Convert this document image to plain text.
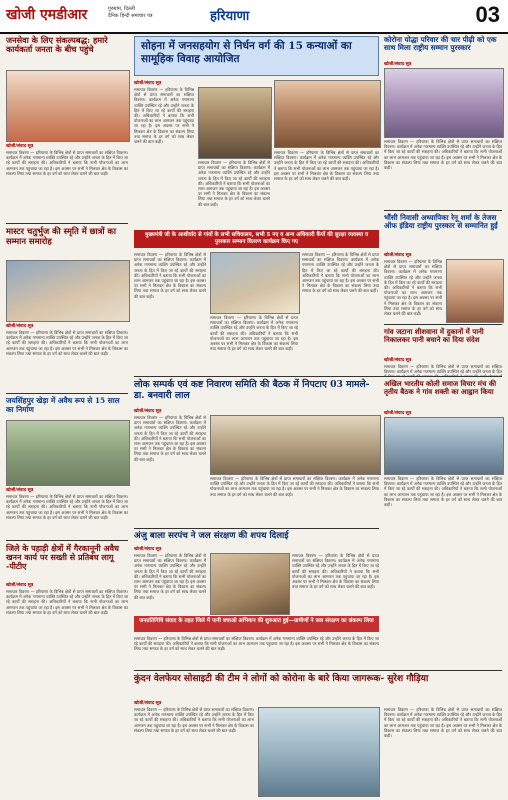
खोजी एमडीआर	गुरुग्राम, दिल्ली
दैनिक हिन्दी समाचार पत्र	हरियाणा	03
जनसेवा के लिए संकल्पबद्ध: हमारे कार्यकर्ता जनता के बीच पहुंचे
खोजी/संवाद सूत्र
समाचार विवरण — हरियाणा के विभिन्न क्षेत्रों से प्राप्त समाचारों का संक्षिप्त विवरण। कार्यक्रम में अनेक गणमान्य व्यक्ति उपस्थित रहे और उन्होंने जनता के हित में किए जा रहे कार्यों की सराहना की। अधिकारियों ने बताया कि सभी योजनाओं का लाभ आमजन तक पहुंचाया जा रहा है। इस अवसर पर सभी ने मिलकर क्षेत्र के विकास का संकल्प लिया तथा समाज के हर वर्ग को साथ लेकर चलने की बात कही।
मास्टर चतुर्भुज की स्मृति में छात्रों का सम्मान समारोह
खोजी/संवाद सूत्र
समाचार विवरण — हरियाणा के विभिन्न क्षेत्रों से प्राप्त समाचारों का संक्षिप्त विवरण। कार्यक्रम में अनेक गणमान्य व्यक्ति उपस्थित रहे और उन्होंने जनता के हित में किए जा रहे कार्यों की सराहना की। अधिकारियों ने बताया कि सभी योजनाओं का लाभ आमजन तक पहुंचाया जा रहा है। इस अवसर पर सभी ने मिलकर क्षेत्र के विकास का संकल्प लिया तथा समाज के हर वर्ग को साथ लेकर चलने की बात कही।
जयसिंहपुर खेड़ा में अवैध रूप से 15 साल का निर्माण
खोजी/संवाद सूत्र
समाचार विवरण — हरियाणा के विभिन्न क्षेत्रों से प्राप्त समाचारों का संक्षिप्त विवरण। कार्यक्रम में अनेक गणमान्य व्यक्ति उपस्थित रहे और उन्होंने जनता के हित में किए जा रहे कार्यों की सराहना की। अधिकारियों ने बताया कि सभी योजनाओं का लाभ आमजन तक पहुंचाया जा रहा है। इस अवसर पर सभी ने मिलकर क्षेत्र के विकास का संकल्प लिया तथा समाज के हर वर्ग को साथ लेकर चलने की बात कही।
जिले के पहाड़ी क्षेत्रों में गैरकानूनी अवैध खनन कार्य पर सख्ती से प्रतिबंध लागू -पीटीए
खोजी/संवाद सूत्र
समाचार विवरण — हरियाणा के विभिन्न क्षेत्रों से प्राप्त समाचारों का संक्षिप्त विवरण। कार्यक्रम में अनेक गणमान्य व्यक्ति उपस्थित रहे और उन्होंने जनता के हित में किए जा रहे कार्यों की सराहना की। अधिकारियों ने बताया कि सभी योजनाओं का लाभ आमजन तक पहुंचाया जा रहा है। इस अवसर पर सभी ने मिलकर क्षेत्र के विकास का संकल्प लिया तथा समाज के हर वर्ग को साथ लेकर चलने की बात कही।
सोहना में जनसहयोग से निर्धन वर्ग की 15 कन्याओं का सामूहिक विवाह आयोजित
खोजी/संवाद सूत्र
समाचार विवरण — हरियाणा के विभिन्न क्षेत्रों से प्राप्त समाचारों का संक्षिप्त विवरण। कार्यक्रम में अनेक गणमान्य व्यक्ति उपस्थित रहे और उन्होंने जनता के हित में किए जा रहे कार्यों की सराहना की। अधिकारियों ने बताया कि सभी योजनाओं का लाभ आमजन तक पहुंचाया जा रहा है। इस अवसर पर सभी ने मिलकर क्षेत्र के विकास का संकल्प लिया तथा समाज के हर वर्ग को साथ लेकर चलने की बात कही।
समाचार विवरण — हरियाणा के विभिन्न क्षेत्रों से प्राप्त समाचारों का संक्षिप्त विवरण। कार्यक्रम में अनेक गणमान्य व्यक्ति उपस्थित रहे और उन्होंने जनता के हित में किए जा रहे कार्यों की सराहना की। अधिकारियों ने बताया कि सभी योजनाओं का लाभ आमजन तक पहुंचाया जा रहा है। इस अवसर पर सभी ने मिलकर क्षेत्र के विकास का संकल्प लिया तथा समाज के हर वर्ग को साथ लेकर चलने की बात कही।
समाचार विवरण — हरियाणा के विभिन्न क्षेत्रों से प्राप्त समाचारों का संक्षिप्त विवरण। कार्यक्रम में अनेक गणमान्य व्यक्ति उपस्थित रहे और उन्होंने जनता के हित में किए जा रहे कार्यों की सराहना की। अधिकारियों ने बताया कि सभी योजनाओं का लाभ आमजन तक पहुंचाया जा रहा है। इस अवसर पर सभी ने मिलकर क्षेत्र के विकास का संकल्प लिया तथा समाज के हर वर्ग को साथ लेकर चलने की बात कही।
मुख्यमंत्री जी के आशीर्वाद से गांवों के सभी सचिवालय, सभी 5 नए व अन्य अधिकारी कैंपों की सुरक्षा व्यवस्था व पुरस्कार सम्मान वितरण कार्यक्रम किए गए
समाचार विवरण — हरियाणा के विभिन्न क्षेत्रों से प्राप्त समाचारों का संक्षिप्त विवरण। कार्यक्रम में अनेक गणमान्य व्यक्ति उपस्थित रहे और उन्होंने जनता के हित में किए जा रहे कार्यों की सराहना की। अधिकारियों ने बताया कि सभी योजनाओं का लाभ आमजन तक पहुंचाया जा रहा है। इस अवसर पर सभी ने मिलकर क्षेत्र के विकास का संकल्प लिया तथा समाज के हर वर्ग को साथ लेकर चलने की बात कही।
समाचार विवरण — हरियाणा के विभिन्न क्षेत्रों से प्राप्त समाचारों का संक्षिप्त विवरण। कार्यक्रम में अनेक गणमान्य व्यक्ति उपस्थित रहे और उन्होंने जनता के हित में किए जा रहे कार्यों की सराहना की। अधिकारियों ने बताया कि सभी योजनाओं का लाभ आमजन तक पहुंचाया जा रहा है। इस अवसर पर सभी ने मिलकर क्षेत्र के विकास का संकल्प लिया तथा समाज के हर वर्ग को साथ लेकर चलने की बात कही।
समाचार विवरण — हरियाणा के विभिन्न क्षेत्रों से प्राप्त समाचारों का संक्षिप्त विवरण। कार्यक्रम में अनेक गणमान्य व्यक्ति उपस्थित रहे और उन्होंने जनता के हित में किए जा रहे कार्यों की सराहना की। अधिकारियों ने बताया कि सभी योजनाओं का लाभ आमजन तक पहुंचाया जा रहा है। इस अवसर पर सभी ने मिलकर क्षेत्र के विकास का संकल्प लिया तथा समाज के हर वर्ग को साथ लेकर चलने की बात कही।
कोरोना योद्धा परिवार की चार पीढ़ी को एक साथ मिला राष्ट्रीय सम्मान पुरस्कार
खोजी/संवाद सूत्र
समाचार विवरण — हरियाणा के विभिन्न क्षेत्रों से प्राप्त समाचारों का संक्षिप्त विवरण। कार्यक्रम में अनेक गणमान्य व्यक्ति उपस्थित रहे और उन्होंने जनता के हित में किए जा रहे कार्यों की सराहना की। अधिकारियों ने बताया कि सभी योजनाओं का लाभ आमजन तक पहुंचाया जा रहा है। इस अवसर पर सभी ने मिलकर क्षेत्र के विकास का संकल्प लिया तथा समाज के हर वर्ग को साथ लेकर चलने की बात कही।
भौंसी निवासी अध्यापिका रेनू शर्मा के तेजस ऑफ इंडिया राष्ट्रीय पुरस्कार से सम्मानित हुईं
खोजी/संवाद सूत्र
समाचार विवरण — हरियाणा के विभिन्न क्षेत्रों से प्राप्त समाचारों का संक्षिप्त विवरण। कार्यक्रम में अनेक गणमान्य व्यक्ति उपस्थित रहे और उन्होंने जनता के हित में किए जा रहे कार्यों की सराहना की। अधिकारियों ने बताया कि सभी योजनाओं का लाभ आमजन तक पहुंचाया जा रहा है। इस अवसर पर सभी ने मिलकर क्षेत्र के विकास का संकल्प लिया तथा समाज के हर वर्ग को साथ लेकर चलने की बात कही।
गांव जटाना शीशवाना में दुकानों में पानी निकालकर पानी बचाने का दिया संदेश
खोजी/संवाद सूत्र
समाचार विवरण — हरियाणा के विभिन्न क्षेत्रों से प्राप्त समाचारों का संक्षिप्त विवरण। कार्यक्रम में अनेक गणमान्य व्यक्ति उपस्थित रहे और उन्होंने जनता के हित
लोक सम्पर्क एवं कष्ट निवारण समिति की बैठक में निपटाए 03 मामले-डा. बनवारी लाल
खोजी/संवाद सूत्र
समाचार विवरण — हरियाणा के विभिन्न क्षेत्रों से प्राप्त समाचारों का संक्षिप्त विवरण। कार्यक्रम में अनेक गणमान्य व्यक्ति उपस्थित रहे और उन्होंने जनता के हित में किए जा रहे कार्यों की सराहना की। अधिकारियों ने बताया कि सभी योजनाओं का लाभ आमजन तक पहुंचाया जा रहा है। इस अवसर पर सभी ने मिलकर क्षेत्र के विकास का संकल्प लिया तथा समाज के हर वर्ग को साथ लेकर चलने की बात कही।
समाचार विवरण — हरियाणा के विभिन्न क्षेत्रों से प्राप्त समाचारों का संक्षिप्त विवरण। कार्यक्रम में अनेक गणमान्य व्यक्ति उपस्थित रहे और उन्होंने जनता के हित में किए जा रहे कार्यों की सराहना की। अधिकारियों ने बताया कि सभी योजनाओं का लाभ आमजन तक पहुंचाया जा रहा है। इस अवसर पर सभी ने मिलकर क्षेत्र के विकास का संकल्प लिया तथा समाज के हर वर्ग को साथ लेकर चलने की बात कही।
अखिल भारतीय कोली समाज विचार मंच की तृतीय बैठक ने गांव शक्ती का आह्वान किया
खोजी/संवाद सूत्र
समाचार विवरण — हरियाणा के विभिन्न क्षेत्रों से प्राप्त समाचारों का संक्षिप्त विवरण। कार्यक्रम में अनेक गणमान्य व्यक्ति उपस्थित रहे और उन्होंने जनता के हित में किए जा रहे कार्यों की सराहना की। अधिकारियों ने बताया कि सभी योजनाओं का लाभ आमजन तक पहुंचाया जा रहा है। इस अवसर पर सभी ने मिलकर क्षेत्र के विकास का संकल्प लिया तथा समाज के हर वर्ग को साथ लेकर चलने की बात कही।
अंजु बाला सरपंच ने जल संरक्षण की शपथ दिलाई
खोजी/संवाद सूत्र
समाचार विवरण — हरियाणा के विभिन्न क्षेत्रों से प्राप्त समाचारों का संक्षिप्त विवरण। कार्यक्रम में अनेक गणमान्य व्यक्ति उपस्थित रहे और उन्होंने जनता के हित में किए जा रहे कार्यों की सराहना की। अधिकारियों ने बताया कि सभी योजनाओं का लाभ आमजन तक पहुंचाया जा रहा है। इस अवसर पर सभी ने मिलकर क्षेत्र के विकास का संकल्प लिया तथा समाज के हर वर्ग को साथ लेकर चलने की बात कही।
समाचार विवरण — हरियाणा के विभिन्न क्षेत्रों से प्राप्त समाचारों का संक्षिप्त विवरण। कार्यक्रम में अनेक गणमान्य व्यक्ति उपस्थित रहे और उन्होंने जनता के हित में किए जा रहे कार्यों की सराहना की। अधिकारियों ने बताया कि सभी योजनाओं का लाभ आमजन तक पहुंचाया जा रहा है। इस अवसर पर सभी ने मिलकर क्षेत्र के विकास का संकल्प लिया तथा समाज के हर वर्ग को साथ लेकर चलने की बात कही।
जनप्रतिनिधि संवाद के तहत जिले में पानी बचाओ अभियान की शुरुआत हुई—ग्रामीणों ने जल संरक्षण का संकल्प लिया
समाचार विवरण — हरियाणा के विभिन्न क्षेत्रों से प्राप्त समाचारों का संक्षिप्त विवरण। कार्यक्रम में अनेक गणमान्य व्यक्ति उपस्थित रहे और उन्होंने जनता के हित में किए जा रहे कार्यों की सराहना की। अधिकारियों ने बताया कि सभी योजनाओं का लाभ आमजन तक पहुंचाया जा रहा है। इस अवसर पर सभी ने मिलकर क्षेत्र के विकास का संकल्प लिया तथा समाज के हर वर्ग को साथ लेकर चलने की बात कही।
कुंदन वेलफेयर सोसाइटी की टीम ने लोगों को कोरोना के बारे किया जागरूक- सुरेश गौड़िया
खोजी/संवाद सूत्र
समाचार विवरण — हरियाणा के विभिन्न क्षेत्रों से प्राप्त समाचारों का संक्षिप्त विवरण। कार्यक्रम में अनेक गणमान्य व्यक्ति उपस्थित रहे और उन्होंने जनता के हित में किए जा रहे कार्यों की सराहना की। अधिकारियों ने बताया कि सभी योजनाओं का लाभ आमजन तक पहुंचाया जा रहा है। इस अवसर पर सभी ने मिलकर क्षेत्र के विकास का संकल्प लिया तथा समाज के हर वर्ग को साथ लेकर चलने की बात कही।
समाचार विवरण — हरियाणा के विभिन्न क्षेत्रों से प्राप्त समाचारों का संक्षिप्त विवरण। कार्यक्रम में अनेक गणमान्य व्यक्ति उपस्थित रहे और उन्होंने जनता के हित में किए जा रहे कार्यों की सराहना की। अधिकारियों ने बताया कि सभी योजनाओं का लाभ आमजन तक पहुंचाया जा रहा है। इस अवसर पर सभी ने मिलकर क्षेत्र के विकास का संकल्प लिया तथा समाज के हर वर्ग को साथ लेकर चलने की बात कही।
